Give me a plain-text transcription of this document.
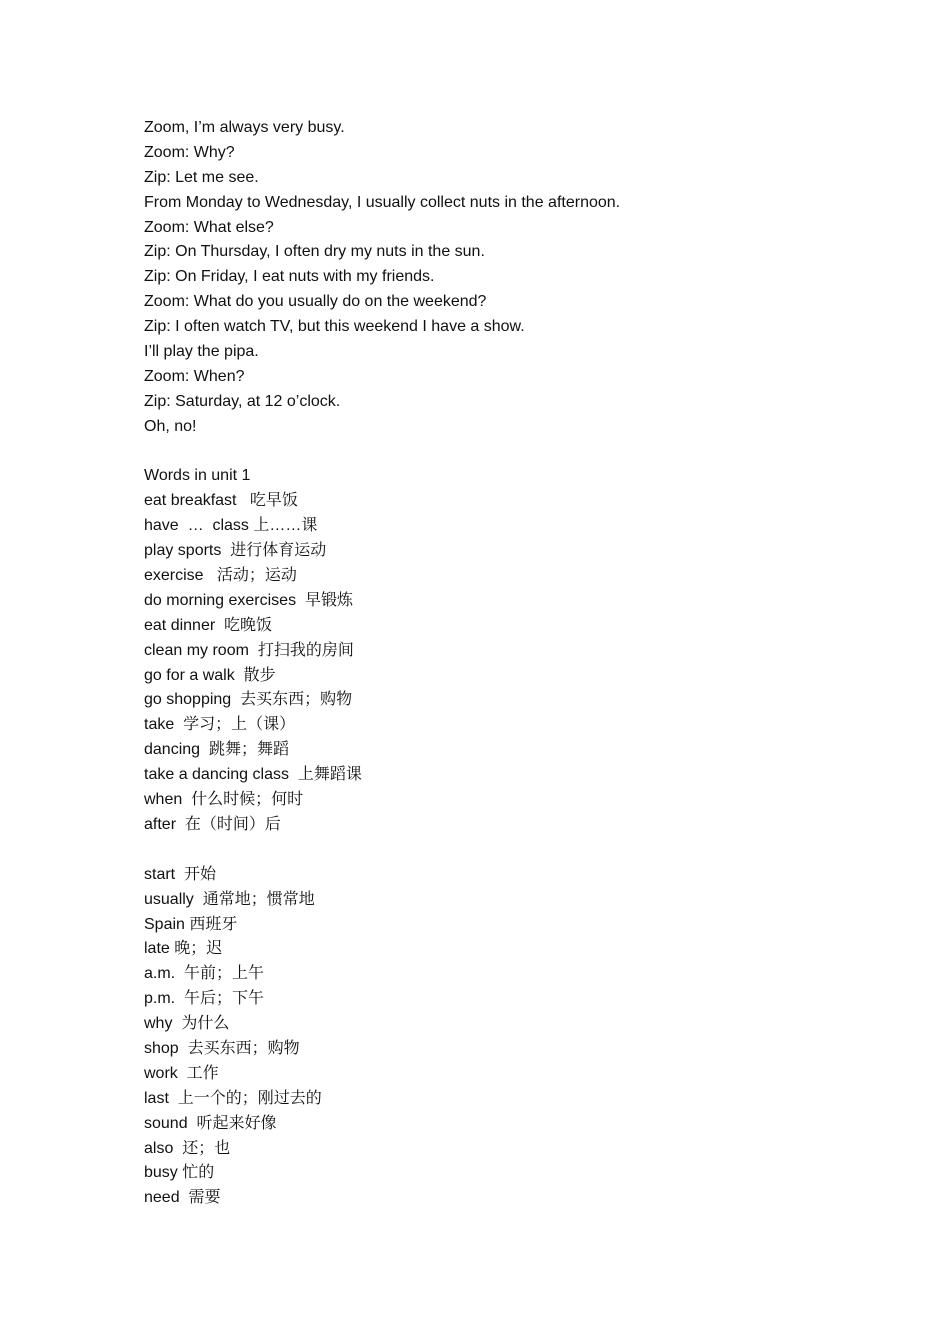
Zoom, I’m always very busy.
Zoom: Why?
Zip: Let me see.
From Monday to Wednesday, I usually collect nuts in the afternoon.
Zoom: What else?
Zip: On Thursday, I often dry my nuts in the sun.
Zip: On Friday, I eat nuts with my friends.
Zoom: What do you usually do on the weekend?
Zip: I often watch TV, but this weekend I have a show.
I’ll play the pipa.
Zoom: When?
Zip: Saturday, at 12 o’clock.
Oh, no!
Words in unit 1
eat breakfast   吃早饭
have  …  class 上……课
play sports  进行体育运动
exercise   活动；运动
do morning exercises  早锻炼
eat dinner  吃晚饭
clean my room  打扫我的房间
go for a walk  散步
go shopping  去买东西；购物
take  学习；上（课）
dancing  跳舞；舞蹈
take a dancing class  上舞蹈课
when  什么时候；何时
after  在（时间）后
start  开始
usually  通常地；惯常地
Spain 西班牙
late 晚；迟
a.m.  午前；上午
p.m.  午后；下午
why  为什么
shop  去买东西；购物
work  工作
last  上一个的；刚过去的
sound  听起来好像
also  还；也
busy 忙的
need  需要
